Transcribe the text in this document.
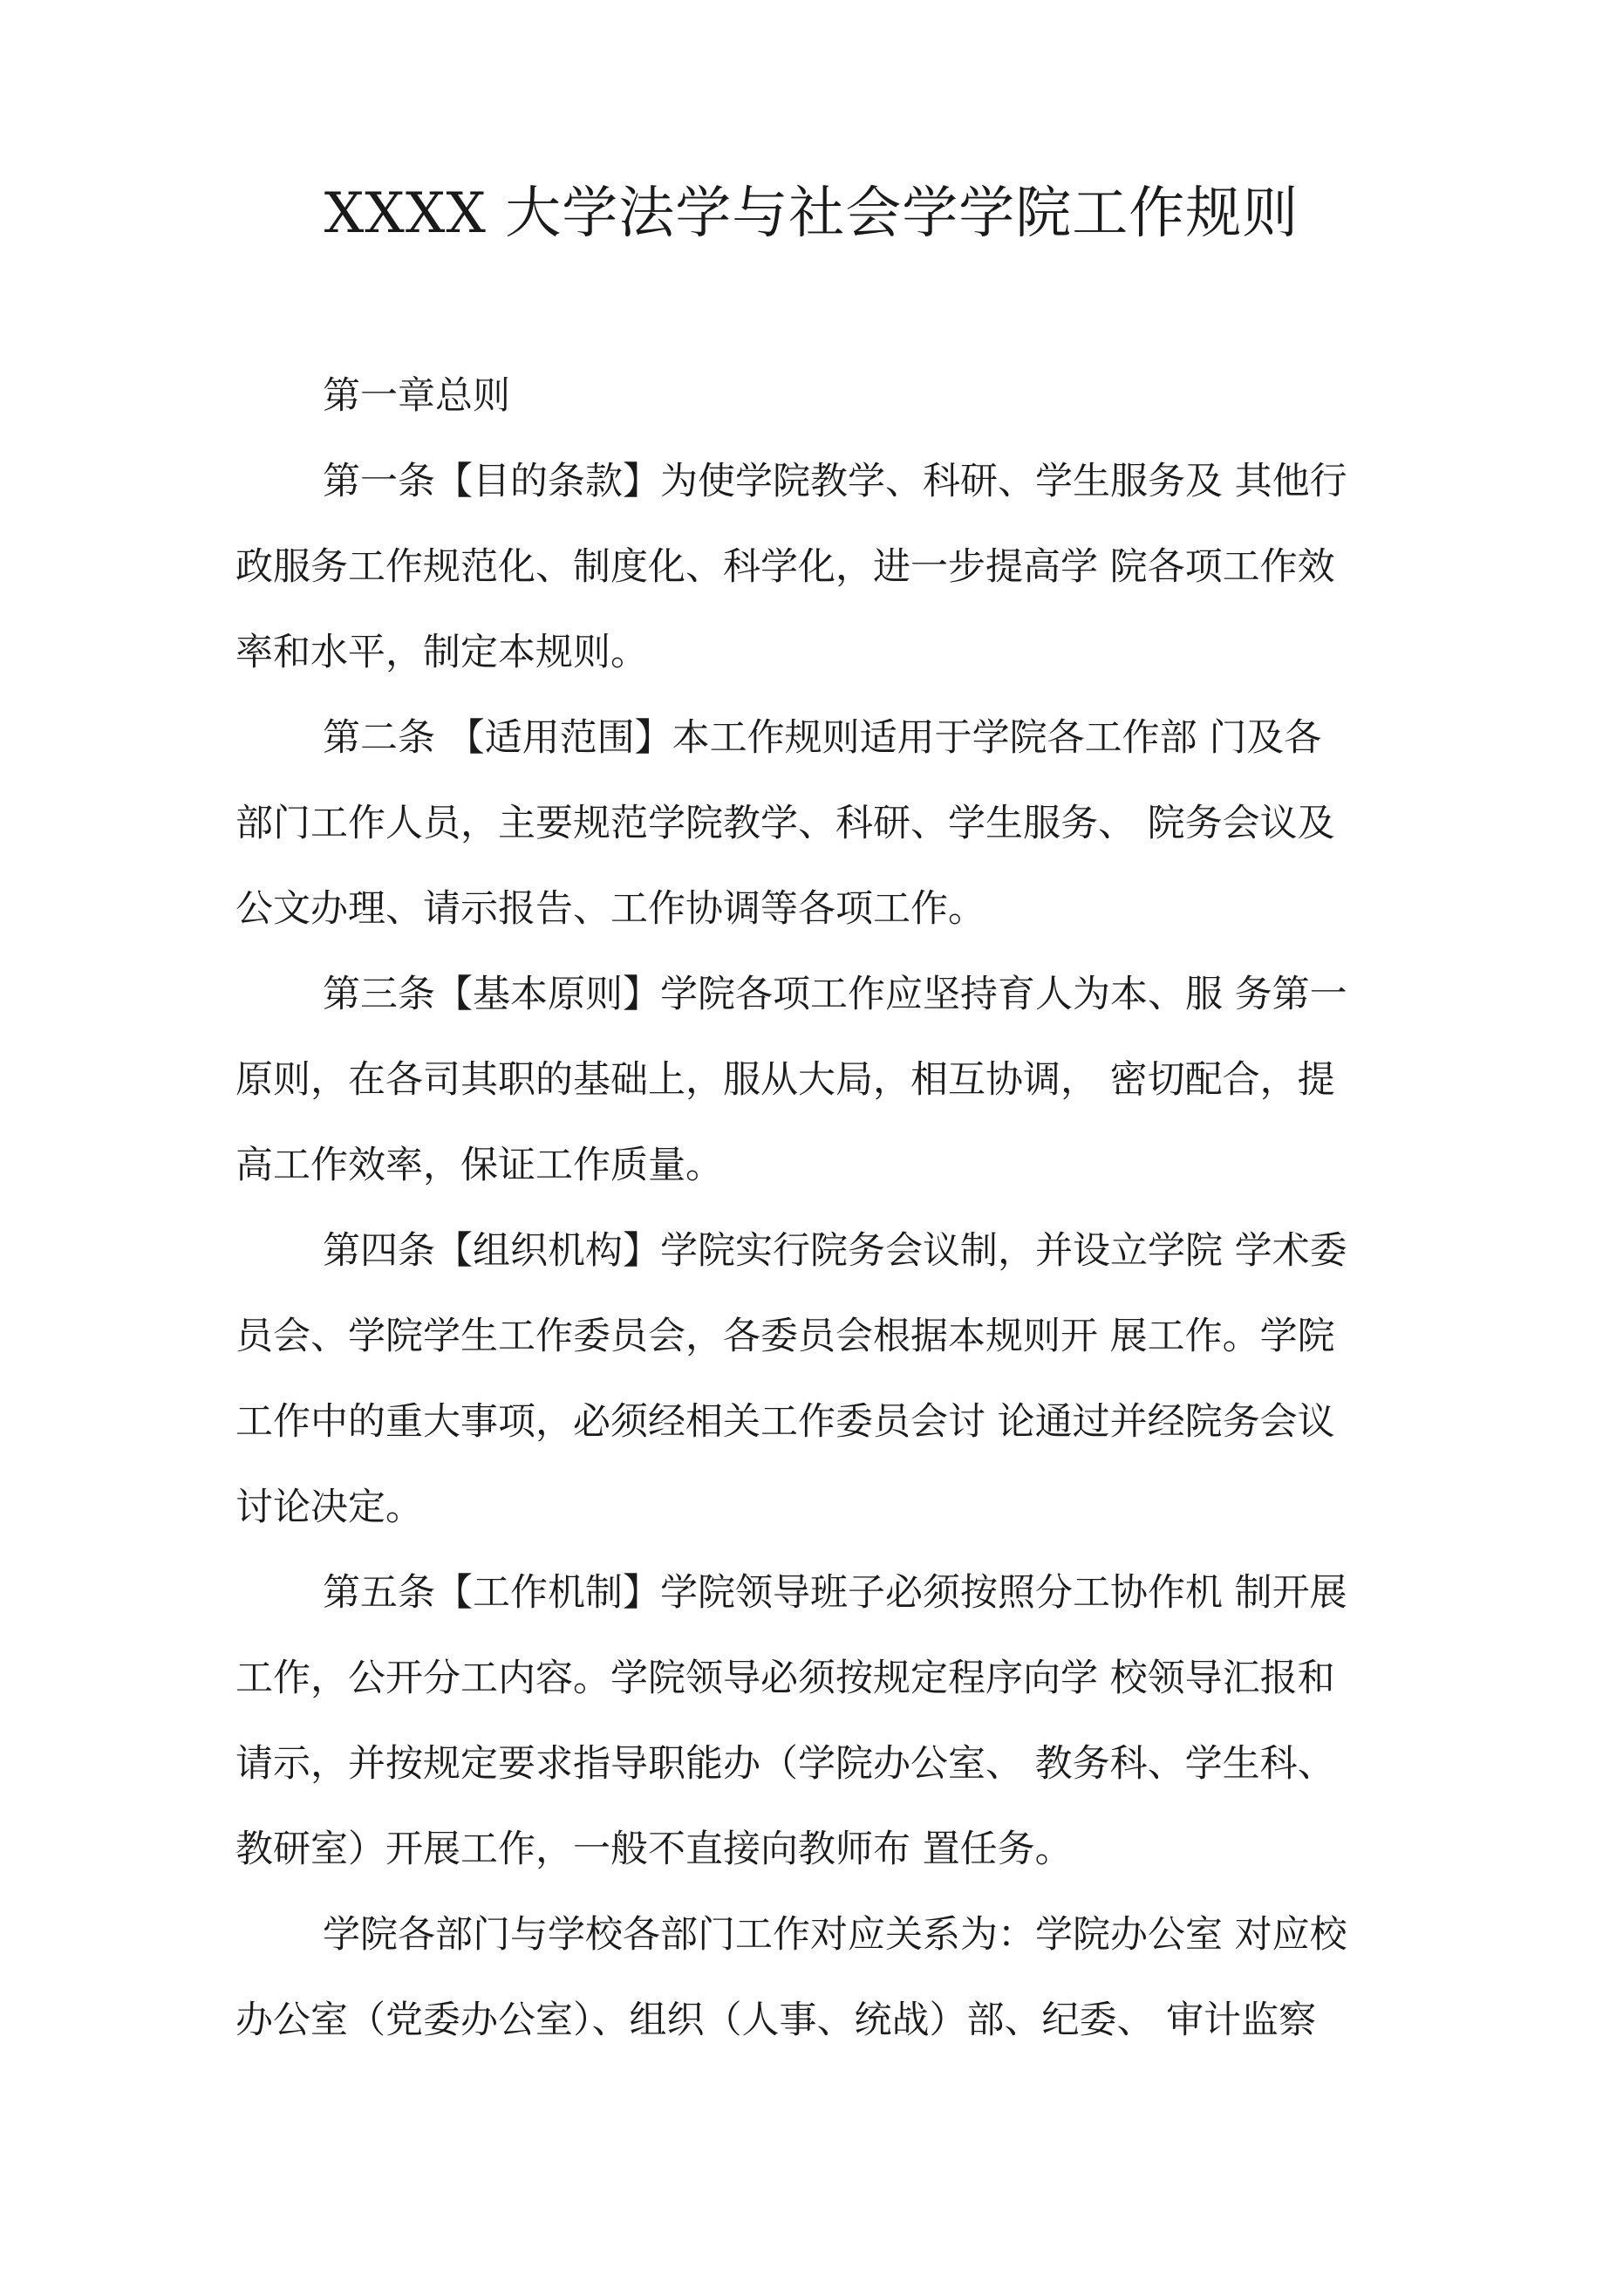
XXXX 大学法学与社会学学院工作规则

第一章总则

第一条【目的条款】为使学院教学、科研、学生服务及 其他行

政服务工作规范化、制度化、科学化，进一步提高学 院各项工作效

率和水平，制定本规则。

第二条 【适用范围】本工作规则适用于学院各工作部 门及各

部门工作人员，主要规范学院教学、科研、学生服务、 院务会议及

公文办理、请示报告、工作协调等各项工作。

第三条【基本原则】学院各项工作应坚持育人为本、服 务第一

原则，在各司其职的基础上，服从大局，相互协调， 密切配合，提

高工作效率，保证工作质量。

第四条【组织机构】学院实行院务会议制，并设立学院 学术委

员会、学院学生工作委员会，各委员会根据本规则开 展工作。学院

工作中的重大事项，必须经相关工作委员会讨 论通过并经院务会议

讨论决定。

第五条【工作机制】学院领导班子必须按照分工协作机 制开展

工作，公开分工内容。学院领导必须按规定程序向学 校领导汇报和

请示，并按规定要求指导职能办（学院办公室、 教务科、学生科、

教研室）开展工作，一般不直接向教师布 置任务。

学院各部门与学校各部门工作对应关系为：学院办公室 对应校

办公室（党委办公室）、组织（人事、统战）部、纪委、 审计监察
